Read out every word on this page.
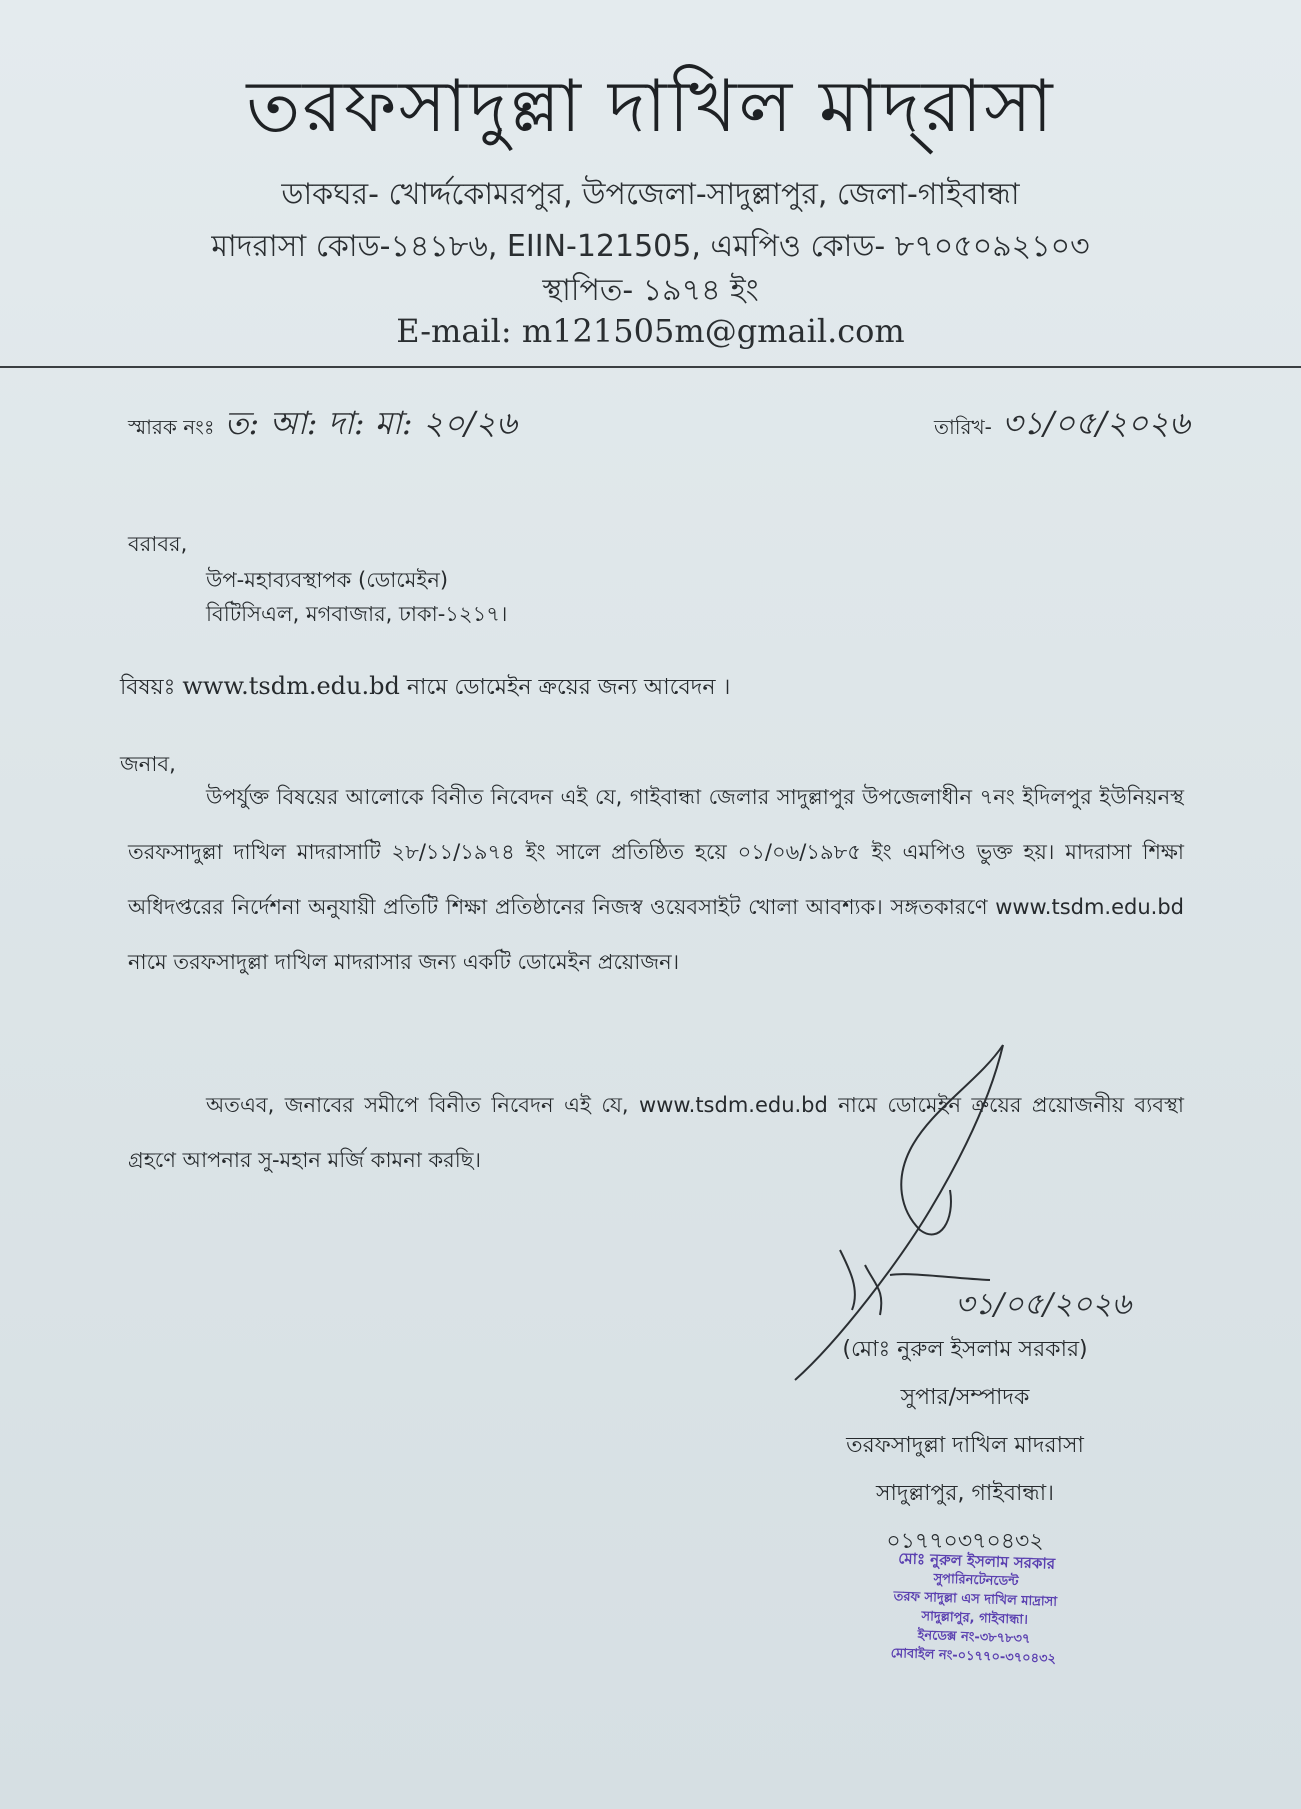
তরফসাদুল্লা দাখিল মাদ্‌রাসা
ডাকঘর- খোর্দ্দকোমরপুর, উপজেলা-সাদুল্লাপুর, জেলা-গাইবান্ধা
মাদরাসা কোড-১৪১৮৬, EIIN-121505, এমপিও কোড- ৮৭০৫০৯২১০৩
স্থাপিত- ১৯৭৪ ইং
E-mail: m121505m@gmail.com
স্মারক নংঃ ত: আ: দা: মা: ২০/২৬	তারিখ- ৩১/০৫/২০২৬
বরাবর,
উপ-মহাব্যবস্থাপক (ডোমেইন)
বিটিসিএল, মগবাজার, ঢাকা-১২১৭।
বিষয়ঃ www.tsdm.edu.bd নামে ডোমেইন ক্রয়ের জন্য আবেদন ।
জনাব,
উপর্যুক্ত বিষয়ের আলোকে বিনীত নিবেদন এই যে, গাইবান্ধা জেলার সাদুল্লাপুর উপজেলাধীন ৭নং ইদিলপুর ইউনিয়নস্থ তরফসাদুল্লা দাখিল মাদরাসাটি ২৮/১১/১৯৭৪ ইং সালে প্রতিষ্ঠিত হয়ে ০১/০৬/১৯৮৫ ইং এমপিও ভুক্ত হয়। মাদরাসা শিক্ষা অধিদপ্তরের নির্দেশনা অনুযায়ী প্রতিটি শিক্ষা প্রতিষ্ঠানের নিজস্ব ওয়েবসাইট খোলা আবশ্যক। সঙ্গতকারণে www.tsdm.edu.bd নামে তরফসাদুল্লা দাখিল মাদরাসার জন্য একটি ডোমেইন প্রয়োজন।
অতএব, জনাবের সমীপে বিনীত নিবেদন এই যে, www.tsdm.edu.bd নামে ডোমেইন ক্রয়ের প্রয়োজনীয় ব্যবস্থা গ্রহণে আপনার সু-মহান মর্জি কামনা করছি।
৩১/০৫/২০২৬
(মোঃ নুরুল ইসলাম সরকার)
সুপার/সম্পাদক
তরফসাদুল্লা দাখিল মাদরাসা
সাদুল্লাপুর, গাইবান্ধা।
০১৭৭০৩৭০৪৩২
মোঃ নুরুল ইসলাম সরকার
সুপারিনটেনডেন্ট
তরফ সাদুল্লা এস দাখিল মাদ্রাসা
সাদুল্লাপুর, গাইবান্ধা।
ইনডেক্স নং-৩৮৭৮৩৭
মোবাইল নং-০১৭৭০-৩৭০৪৩২
